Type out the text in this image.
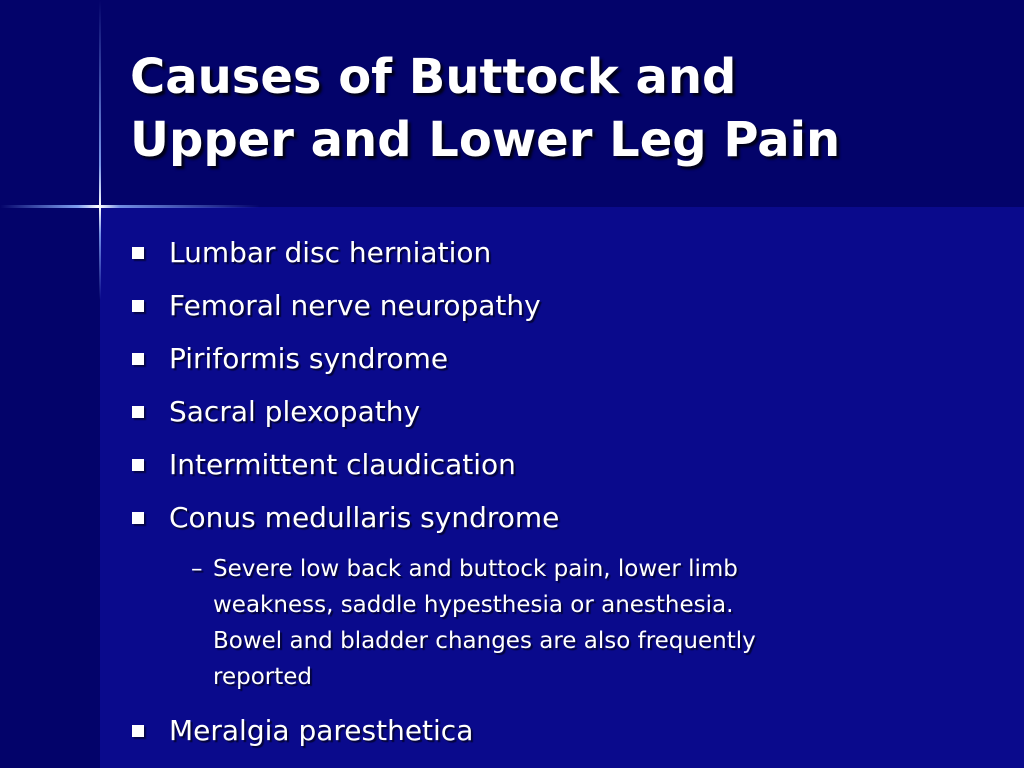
Causes of Buttock and
Upper and Lower Leg Pain
Lumbar disc herniation
Femoral nerve neuropathy
Piriformis syndrome
Sacral plexopathy
Intermittent claudication
Conus medullaris syndrome
– Severe low back and buttock pain, lower limb
weakness, saddle hypesthesia or anesthesia.
Bowel and bladder changes are also frequently
reported
Meralgia paresthetica
